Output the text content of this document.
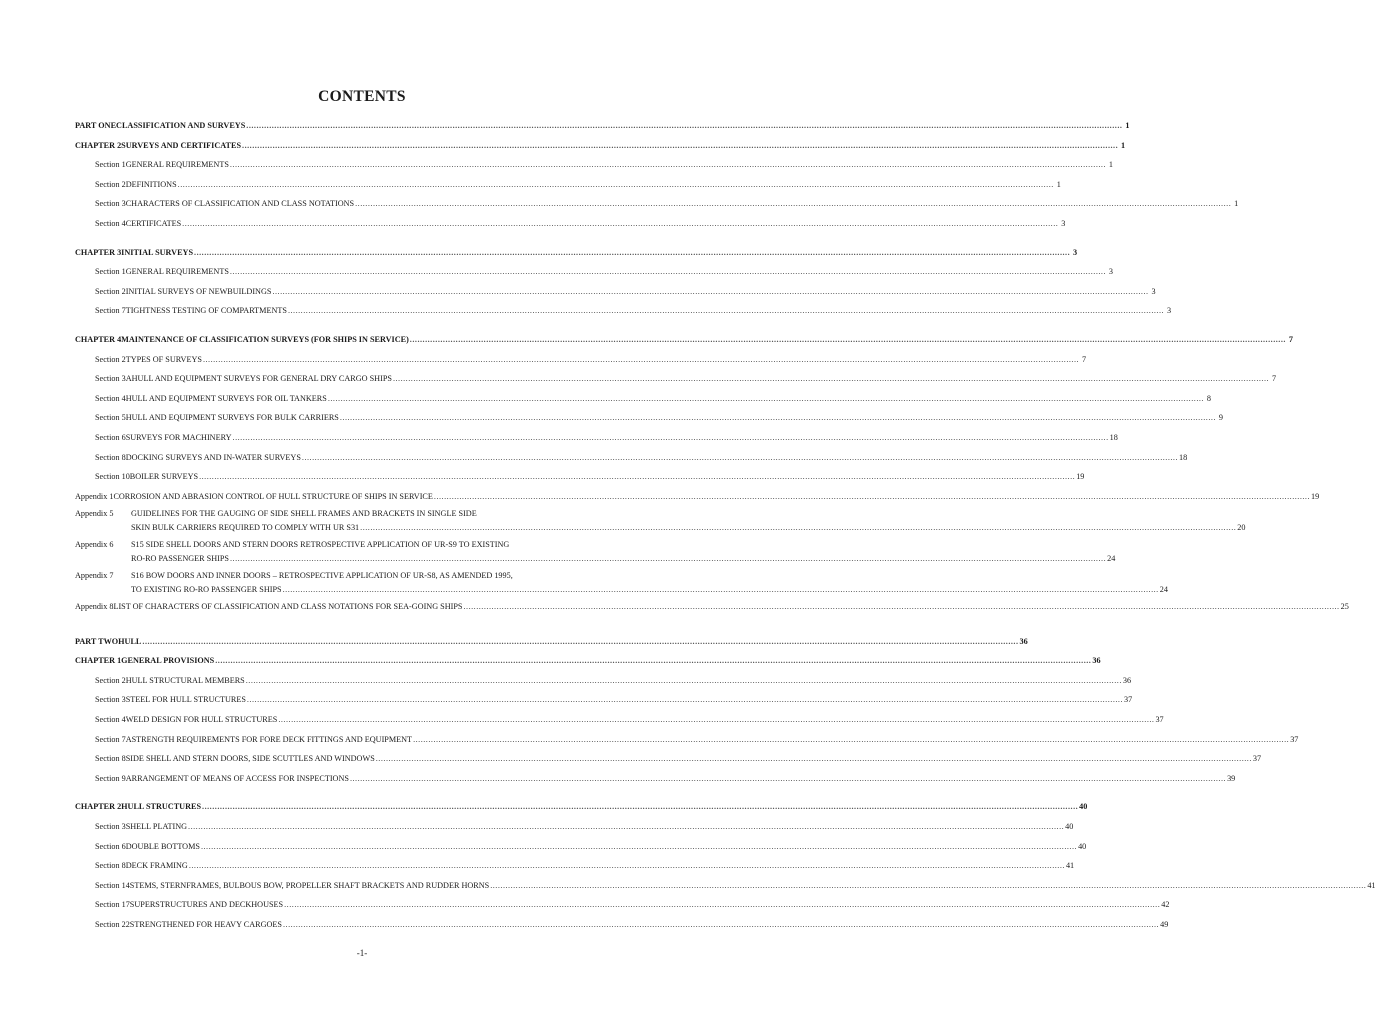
CONTENTS
PART ONE CLASSIFICATION AND SURVEYS .....	1
CHAPTER 2 SURVEYS AND CERTIFICATES .....	1
Section 1 GENERAL REQUIREMENTS .....	1
Section 2 DEFINITIONS .....	1
Section 3 CHARACTERS OF CLASSIFICATION AND CLASS NOTATIONS .....	1
Section 4 CERTIFICATES .....	3
CHAPTER 3 INITIAL SURVEYS .....	3
Section 1 GENERAL REQUIREMENTS .....	3
Section 2 INITIAL SURVEYS OF NEWBUILDINGS .....	3
Section 7 TIGHTNESS TESTING OF COMPARTMENTS .....	3
CHAPTER 4 MAINTENANCE OF CLASSIFICATION SURVEYS (FOR SHIPS IN SERVICE) .....	7
Section 2 TYPES OF SURVEYS .....	7
Section 3A HULL AND EQUIPMENT SURVEYS FOR GENERAL DRY CARGO SHIPS .....	7
Section 4 HULL AND EQUIPMENT SURVEYS FOR OIL TANKERS .....	8
Section 5 HULL AND EQUIPMENT SURVEYS FOR BULK CARRIERS .....	9
Section 6 SURVEYS FOR MACHINERY .....	18
Section 8 DOCKING SURVEYS AND IN-WATER SURVEYS .....	18
Section 10 BOILER SURVEYS .....	19
Appendix 1 CORROSION AND ABRASION CONTROL OF HULL STRUCTURE OF SHIPS IN SERVICE .....	19
Appendix 5	GUIDELINES FOR THE GAUGING OF SIDE SHELL FRAMES AND BRACKETS IN SINGLE SIDE
SKIN BULK CARRIERS REQUIRED TO COMPLY WITH UR S31 .....	20
Appendix 6	S15 SIDE SHELL DOORS AND STERN DOORS RETROSPECTIVE APPLICATION OF UR-S9 TO EXISTING
RO-RO PASSENGER SHIPS .....	24
Appendix 7	S16 BOW DOORS AND INNER DOORS – RETROSPECTIVE APPLICATION OF UR-S8, AS AMENDED 1995,
TO EXISTING RO-RO PASSENGER SHIPS .....	24
Appendix 8 LIST OF CHARACTERS OF CLASSIFICATION AND CLASS NOTATIONS FOR SEA-GOING SHIPS .....	25
PART TWO HULL .....	36
CHAPTER 1 GENERAL PROVISIONS .....	36
Section 2 HULL STRUCTURAL MEMBERS .....	36
Section 3 STEEL FOR HULL STRUCTURES .....	37
Section 4 WELD DESIGN FOR HULL STRUCTURES .....	37
Section 7A STRENGTH REQUIREMENTS FOR FORE DECK FITTINGS AND EQUIPMENT .....	37
Section 8 SIDE SHELL AND STERN DOORS, SIDE SCUTTLES AND WINDOWS .....	37
Section 9 ARRANGEMENT OF MEANS OF ACCESS FOR INSPECTIONS .....	39
CHAPTER 2 HULL STRUCTURES .....	40
Section 3 SHELL PLATING .....	40
Section 6 DOUBLE BOTTOMS .....	40
Section 8 DECK FRAMING .....	41
Section 14 STEMS, STERNFRAMES, BULBOUS BOW, PROPELLER SHAFT BRACKETS AND RUDDER HORNS .....	41
Section 17 SUPERSTRUCTURES AND DECKHOUSES .....	42
Section 22 STRENGTHENED FOR HEAVY CARGOES .....	49
-1-
